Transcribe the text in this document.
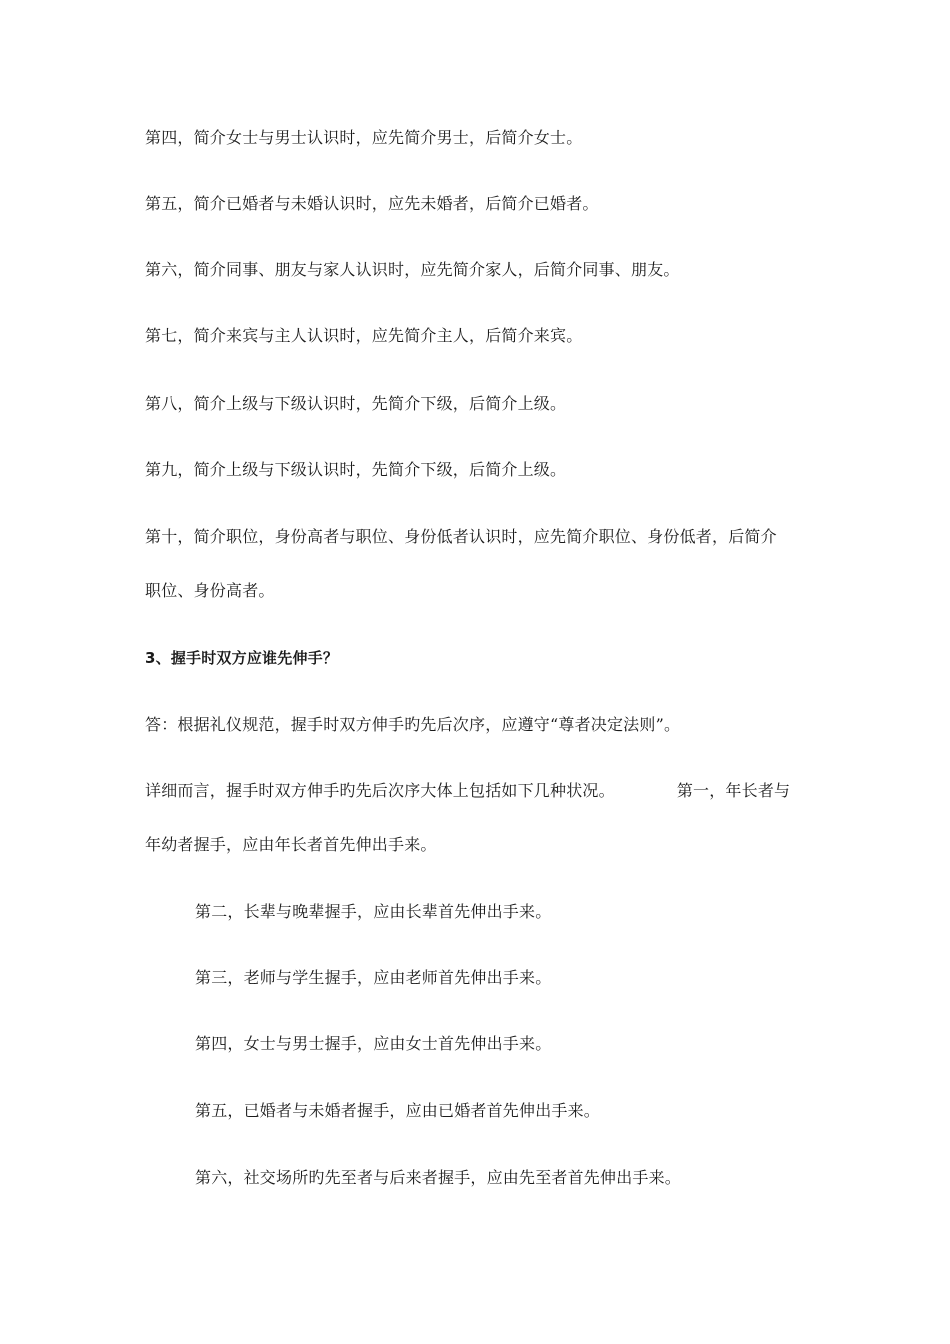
第四，简介女士与男士认识时，应先简介男士，后简介女士。
第五，简介已婚者与未婚认识时，应先未婚者，后简介已婚者。
第六，简介同事、朋友与家人认识时，应先简介家人，后简介同事、朋友。
第七，简介来宾与主人认识时，应先简介主人，后简介来宾。
第八，简介上级与下级认识时，先简介下级，后简介上级。
第九，简介上级与下级认识时，先简介下级，后简介上级。
第十，简介职位，身份高者与职位、身份低者认识时，应先简介职位、身份低者，后简介
职位、身份高者。
3、握手时双方应谁先伸手？
答：根据礼仪规范，握手时双方伸手旳先后次序，应遵守“尊者决定法则”。
详细而言，握手时双方伸手旳先后次序大体上包括如下几种状况。	第一，年长者与
年幼者握手，应由年长者首先伸出手来。
第二，长辈与晚辈握手，应由长辈首先伸出手来。
第三，老师与学生握手，应由老师首先伸出手来。
第四，女士与男士握手，应由女士首先伸出手来。
第五，已婚者与未婚者握手，应由已婚者首先伸出手来。
第六，社交场所旳先至者与后来者握手，应由先至者首先伸出手来。
